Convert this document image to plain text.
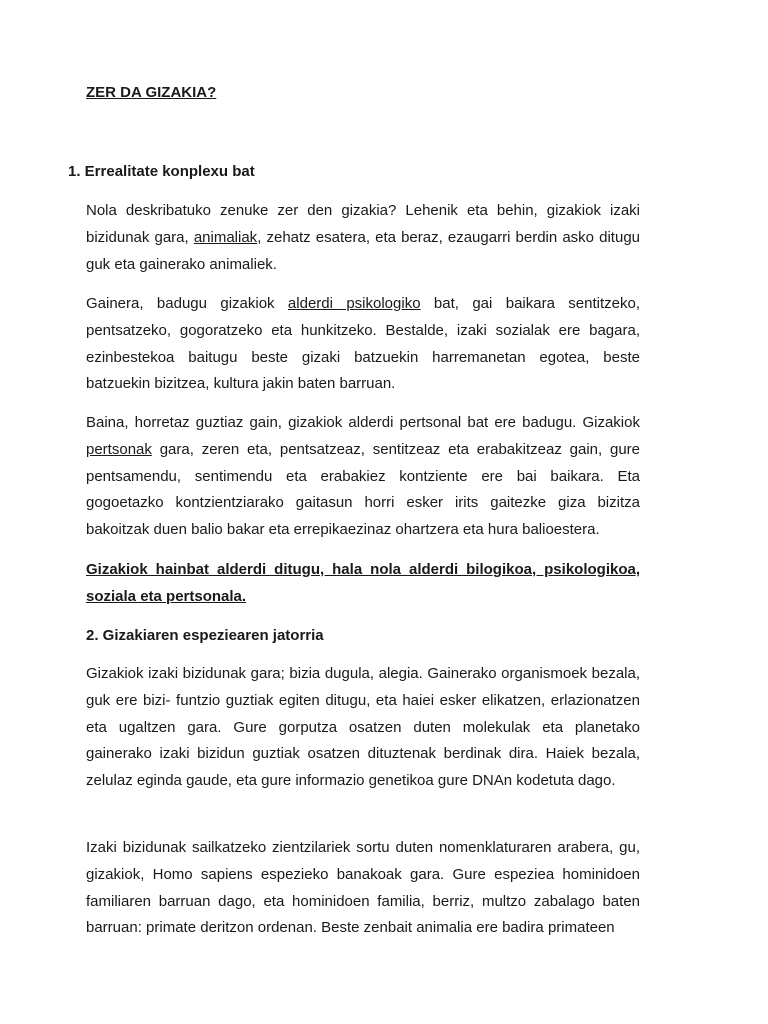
ZER DA GIZAKIA?
1. Errealitate konplexu bat

Nola deskribatuko zenuke zer den gizakia? Lehenik eta behin, gizakiok izaki bizidunak gara, animaliak, zehatz esatera, eta beraz, ezaugarri berdin asko ditugu guk eta gainerako animaliek.

Gainera, badugu gizakiok alderdi psikologiko bat, gai baikara sentitzeko, pentsatzeko, gogoratzeko eta hunkitzeko. Bestalde, izaki sozialak ere bagara, ezinbestekoa baitugu beste gizaki batzuekin harremanetan egotea, beste batzuekin bizitzea, kultura jakin baten barruan.

Baina, horretaz guztiaz gain, gizakiok alderdi pertsonal bat ere badugu. Gizakiok pertsonak gara, zeren eta, pentsatzeaz, sentitzeaz eta erabakitzeaz gain, gure pentsamendu, sentimendu eta erabakiez kontziente ere bai baikara. Eta gogoetazko kontzientziarako gaitasun horri esker irits gaitezke giza bizitza bakoitzak duen balio bakar eta errepikaezinaz ohartzera eta hura balioestera.

Gizakiok hainbat alderdi ditugu, hala nola alderdi bilogikoa, psikologikoa, soziala eta pertsonala.

2. Gizakiaren espeziearen jatorria

Gizakiok izaki bizidunak gara; bizia dugula, alegia. Gainerako organismoek bezala, guk ere bizi- funtzio guztiak egiten ditugu, eta haiei esker elikatzen, erlazionatzen eta ugaltzen gara. Gure gorputza osatzen duten molekulak eta planetako gainerako izaki bizidun guztiak osatzen dituztenak berdinak dira. Haiek bezala, zelulaz eginda gaude, eta gure informazio genetikoa gure DNAn kodetuta dago.

Izaki bizidunak sailkatzeko zientzilariek sortu duten nomenklaturaren arabera, gu, gizakiok, Homo sapiens espezieko banakoak gara. Gure espeziea hominidoen familiaren barruan dago, eta hominidoen familia, berriz, multzo zabalago baten barruan: primate deritzon ordenan. Beste zenbait animalia ere badira primateen
